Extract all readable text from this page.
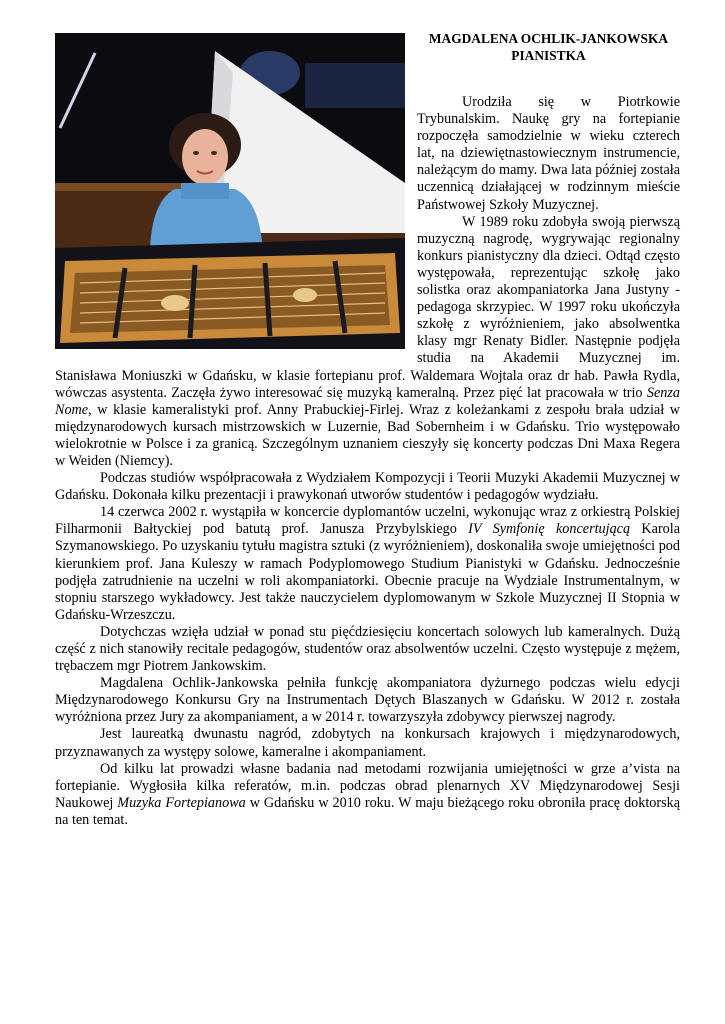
MAGDALENA OCHLIK-JANKOWSKA
PIANISTKA

Urodziła się w Piotrkowie Trybunalskim. Naukę gry na fortepianie rozpoczęła samodzielnie w wieku czterech lat, na dziewiętnastowiecznym instrumencie, należącym do mamy. Dwa lata później została uczennicą działającej w rodzinnym mieście Państwowej Szkoły Muzycznej.

W 1989 roku zdobyła swoją pierwszą muzyczną nagrodę, wygrywając regionalny konkurs pianistyczny dla dzieci. Odtąd często występowała, reprezentując szkołę jako solistka oraz akompaniatorka Jana Justyny - pedagoga skrzypiec. W 1997 roku ukończyła szkołę z wyróżnieniem, jako absolwentka klasy mgr Renaty Bidler. Następnie podjęła studia na Akademii Muzycznej im. Stanisława Moniuszki w Gdańsku, w klasie fortepianu prof. Waldemara Wojtala oraz dr hab. Pawła Rydla, wówczas asystenta. Zaczęła żywo interesować się muzyką kameralną. Przez pięć lat pracowała w trio Senza Nome, w klasie kameralistyki prof. Anny Prabuckiej-Firlej. Wraz z koleżankami z zespołu brała udział w międzynarodowych kursach mistrzowskich w Luzernie, Bad Sobernheim i w Gdańsku. Trio występowało wielokrotnie w Polsce i za granicą. Szczególnym uznaniem cieszyły się koncerty podczas Dni Maxa Regera w Weiden (Niemcy).

Podczas studiów współpracowała z Wydziałem Kompozycji i Teorii Muzyki Akademii Muzycznej w Gdańsku. Dokonała kilku prezentacji i prawykonań utworów studentów i pedagogów wydziału.

14 czerwca 2002 r. wystąpiła w koncercie dyplomantów uczelni, wykonując wraz z orkiestrą Polskiej Filharmonii Bałtyckiej pod batutą prof. Janusza Przybylskiego IV Symfonię koncertującą Karola Szymanowskiego. Po uzyskaniu tytułu magistra sztuki (z wyróżnieniem), doskonaliła swoje umiejętności pod kierunkiem prof. Jana Kuleszy w ramach Podyplomowego Studium Pianistyki w Gdańsku. Jednocześnie podjęła zatrudnienie na uczelni w roli akompaniatorki. Obecnie pracuje na Wydziale Instrumentalnym, w stopniu starszego wykładowcy. Jest także nauczycielem dyplomowanym w Szkole Muzycznej II Stopnia w Gdańsku-Wrzeszczu.

Dotychczas wzięła udział w ponad stu pięćdziesięciu koncertach solowych lub kameralnych. Dużą część z nich stanowiły recitale pedagogów, studentów oraz absolwentów uczelni. Często występuje z mężem, trębaczem mgr Piotrem Jankowskim.

Magdalena Ochlik-Jankowska pełniła funkcję akompaniatora dyżurnego podczas wielu edycji Międzynarodowego Konkursu Gry na Instrumentach Dętych Blaszanych w Gdańsku. W 2012 r. została wyróżniona przez Jury za akompaniament, a w 2014 r. towarzyszyła zdobywcy pierwszej nagrody.

Jest laureatką dwunastu nagród, zdobytych na konkursach krajowych i międzynarodowych, przyznawanych za występy solowe, kameralne i akompaniament.

Od kilku lat prowadzi własne badania nad metodami rozwijania umiejętności w grze a’vista na fortepianie. Wygłosiła kilka referatów, m.in. podczas obrad plenarnych XV Międzynarodowej Sesji Naukowej Muzyka Fortepianowa w Gdańsku w 2010 roku. W maju bieżącego roku obroniła pracę doktorską na ten temat.
